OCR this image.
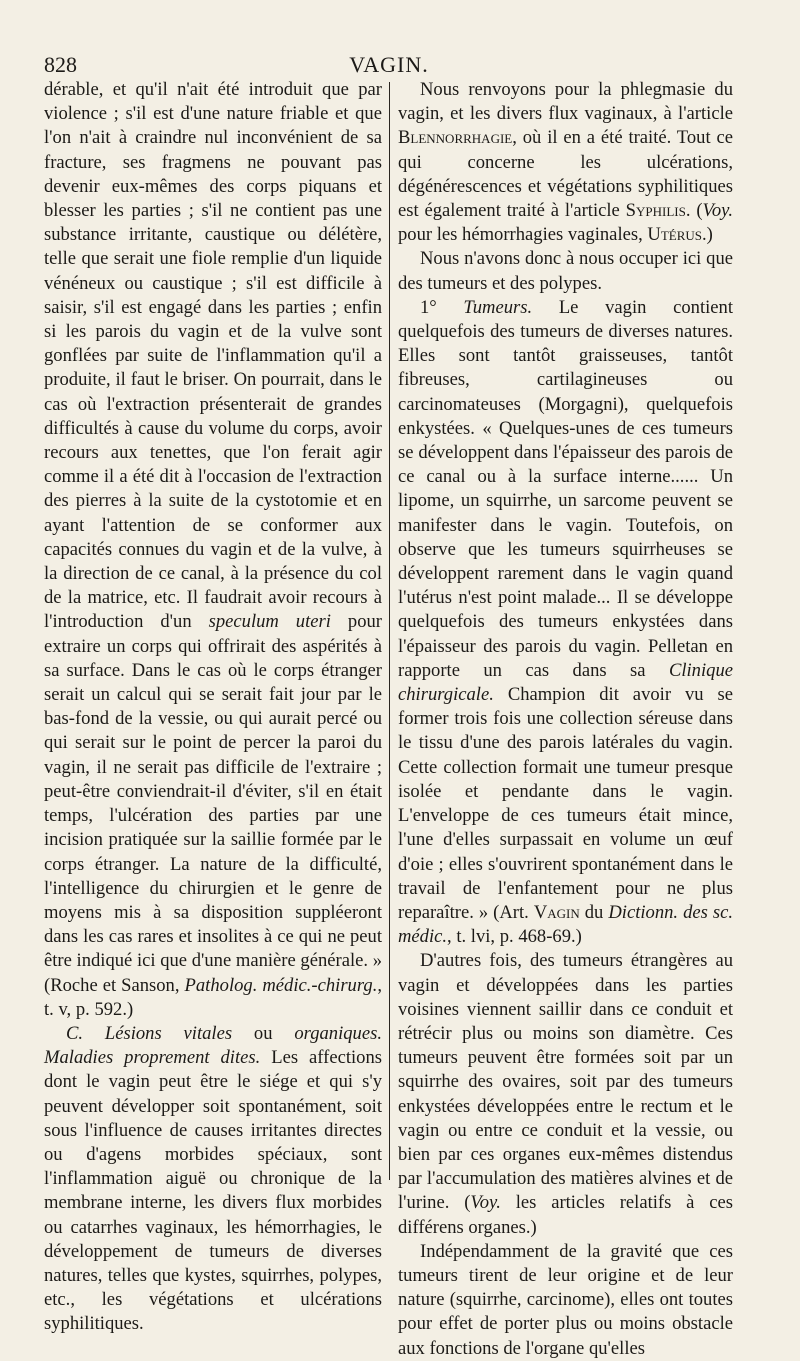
828	VAGIN.

dérable, et qu'il n'ait été introduit que par violence ; s'il est d'une nature friable et que l'on n'ait à craindre nul inconvénient de sa fracture, ses fragmens ne pouvant pas devenir eux-mêmes des corps piquans et blesser les parties ; s'il ne contient pas une substance irritante, caustique ou délétère, telle que serait une fiole remplie d'un liquide vénéneux ou caustique ; s'il est difficile à saisir, s'il est engagé dans les parties ; enfin si les parois du vagin et de la vulve sont gonflées par suite de l'inflammation qu'il a produite, il faut le briser. On pourrait, dans le cas où l'extraction présenterait de grandes difficultés à cause du volume du corps, avoir recours aux tenettes, que l'on ferait agir comme il a été dit à l'occasion de l'extraction des pierres à la suite de la cystotomie et en ayant l'attention de se conformer aux capacités connues du vagin et de la vulve, à la direction de ce canal, à la présence du col de la matrice, etc. Il faudrait avoir recours à l'introduction d'un speculum uteri pour extraire un corps qui offrirait des aspérités à sa surface. Dans le cas où le corps étranger serait un calcul qui se serait fait jour par le bas-fond de la vessie, ou qui aurait percé ou qui serait sur le point de percer la paroi du vagin, il ne serait pas difficile de l'extraire ; peut-être conviendrait-il d'éviter, s'il en était temps, l'ulcération des parties par une incision pratiquée sur la saillie formée par le corps étranger. La nature de la difficulté, l'intelligence du chirurgien et le genre de moyens mis à sa disposition suppléeront dans les cas rares et insolites à ce qui ne peut être indiqué ici que d'une manière générale. » (Roche et Sanson, Patholog. médic.-chirurg., t. v, p. 592.)

C. Lésions vitales ou organiques. Maladies proprement dites. Les affections dont le vagin peut être le siége et qui s'y peuvent développer soit spontanément, soit sous l'influence de causes irritantes directes ou d'agens morbides spéciaux, sont l'inflammation aiguë ou chronique de la membrane interne, les divers flux morbides ou catarrhes vaginaux, les hémorrhagies, le développement de tumeurs de diverses natures, telles que kystes, squirrhes, polypes, etc., les végétations et ulcérations syphilitiques.

Nous renvoyons pour la phlegmasie du vagin, et les divers flux vaginaux, à l'article Blennorrhagie, où il en a été traité. Tout ce qui concerne les ulcérations, dégénérescences et végétations syphilitiques est également traité à l'article Syphilis. (Voy. pour les hémorrhagies vaginales, Utérus.)

Nous n'avons donc à nous occuper ici que des tumeurs et des polypes.

1° Tumeurs. Le vagin contient quelquefois des tumeurs de diverses natures. Elles sont tantôt graisseuses, tantôt fibreuses, cartilagineuses ou carcinomateuses (Morgagni), quelquefois enkystées. « Quelques-unes de ces tumeurs se développent dans l'épaisseur des parois de ce canal ou à la surface interne...... Un lipome, un squirrhe, un sarcome peuvent se manifester dans le vagin. Toutefois, on observe que les tumeurs squirrheuses se développent rarement dans le vagin quand l'utérus n'est point malade... Il se développe quelquefois des tumeurs enkystées dans l'épaisseur des parois du vagin. Pelletan en rapporte un cas dans sa Clinique chirurgicale. Champion dit avoir vu se former trois fois une collection séreuse dans le tissu d'une des parois latérales du vagin. Cette collection formait une tumeur presque isolée et pendante dans le vagin. L'enveloppe de ces tumeurs était mince, l'une d'elles surpassait en volume un œuf d'oie ; elles s'ouvrirent spontanément dans le travail de l'enfantement pour ne plus reparaître. » (Art. Vagin du Dictionn. des sc. médic., t. lvi, p. 468-69.)

D'autres fois, des tumeurs étrangères au vagin et développées dans les parties voisines viennent saillir dans ce conduit et rétrécir plus ou moins son diamètre. Ces tumeurs peuvent être formées soit par un squirrhe des ovaires, soit par des tumeurs enkystées développées entre le rectum et le vagin ou entre ce conduit et la vessie, ou bien par ces organes eux-mêmes distendus par l'accumulation des matières alvines et de l'urine. (Voy. les articles relatifs à ces différens organes.)

Indépendamment de la gravité que ces tumeurs tirent de leur origine et de leur nature (squirrhe, carcinome), elles ont toutes pour effet de porter plus ou moins obstacle aux fonctions de l'organe qu'elles
